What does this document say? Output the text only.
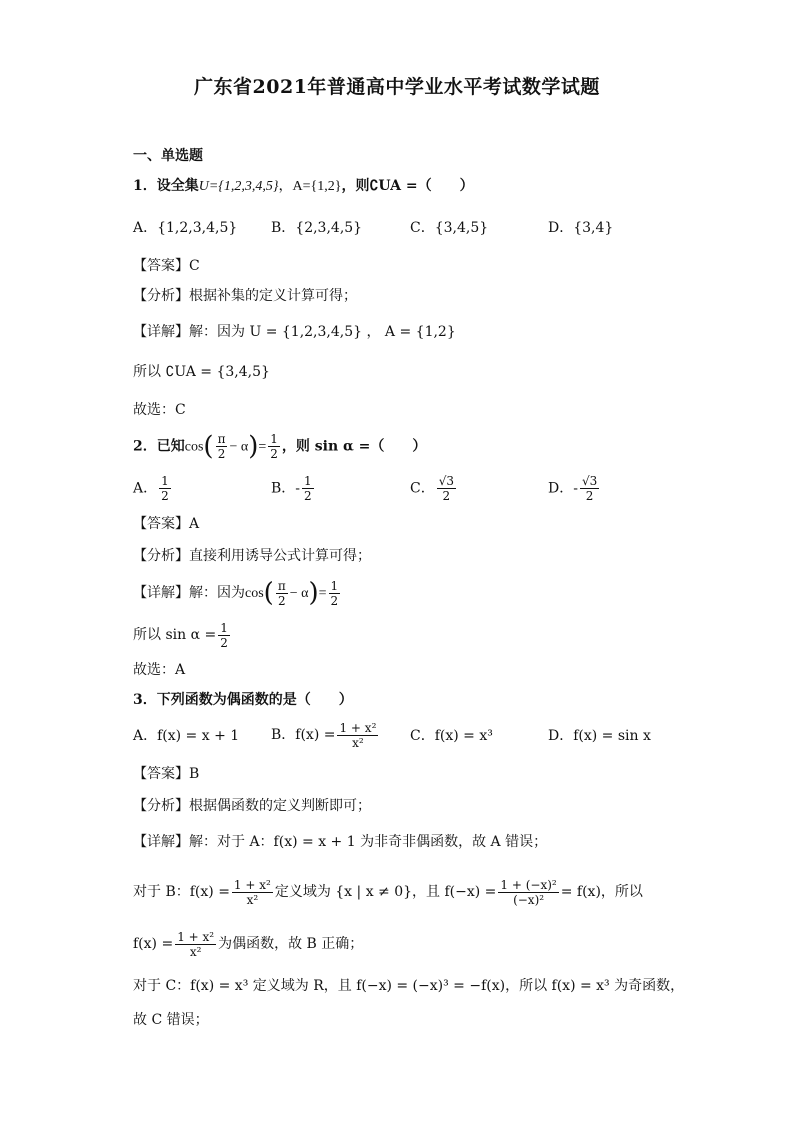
广东省2021年普通高中学业水平考试数学试题
一、单选题
1．设全集U={1,2,3,4,5}，A={1,2}，则∁UA =（　　）
A．{1,2,3,4,5} B．{2,3,4,5}	C．{3,4,5}	D．{3,4}
【答案】C
【分析】根据补集的定义计算可得；
【详解】解：因为 U = {1,2,3,4,5} ， A = {1,2}
所以 ∁UA = {3,4,5}
故选：C
2．已知$\cos( \frac{\pi}{2} - \alpha)= \frac{1}{2}$ ，则 sin α =（　　）
A． $\frac{1}{2}$	B．- $\frac{1}{2}$	C． $\frac{√3}{2}$	D．- $\frac{√3}{2}$
【答案】A
【分析】直接利用诱导公式计算可得；
【详解】解：因为$\cos( \frac{\pi}{2} - \alpha)= \frac{1}{2}$
所以 $\sin \alpha = \frac{1}{2}$
故选：A
3．下列函数为偶函数的是（　　）
A．f(x) = x + 1 B．$f(x) = \frac{\text{1 + x²}}{\text{x²}}$ C．f(x) = x³	D．f(x) = sin x
【答案】B
【分析】根据偶函数的定义判断即可；
【详解】解：对于 A：f(x) = x + 1 为非奇非偶函数，故 A 错误；
对于 B：$f(x) = \frac{\text{1 + x²}}{\text{x²}}$ 定义域为 {x | x ≠ 0}，且 $f(-x) = \frac{\text{1 + (−x)²}}{\text{(−x)²}} = f(x)$，所以
$f(x) = \frac{\text{1 + x²}}{\text{x²}}$ 为偶函数，故 B 正确；
对于 C：f(x) = x³ 定义域为 R，且 f(−x) = (−x)³ = −f(x)，所以 f(x) = x³ 为奇函数，
故 C 错误；
